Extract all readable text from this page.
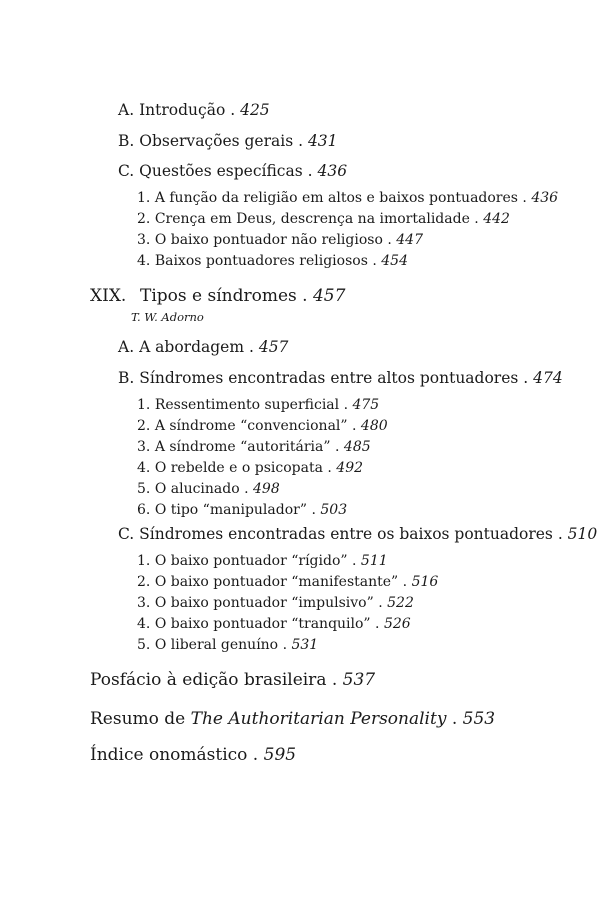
A. Introdução . 425
B. Observações gerais . 431
C. Questões específicas . 436
1. A função da religião em altos e baixos pontuadores . 436
2. Crença em Deus, descrença na imortalidade . 442
3. O baixo pontuador não religioso . 447
4. Baixos pontuadores religiosos . 454
XIX. Tipos e síndromes . 457
T. W. Adorno
A. A abordagem . 457
B. Síndromes encontradas entre altos pontuadores . 474
1. Ressentimento superficial . 475
2. A síndrome “convencional” . 480
3. A síndrome “autoritária” . 485
4. O rebelde e o psicopata . 492
5. O alucinado . 498
6. O tipo “manipulador” . 503
C. Síndromes encontradas entre os baixos pontuadores . 510
1. O baixo pontuador “rígido” . 511
2. O baixo pontuador “manifestante” . 516
3. O baixo pontuador “impulsivo” . 522
4. O baixo pontuador “tranquilo” . 526
5. O liberal genuíno . 531
Posfácio à edição brasileira . 537
Resumo de The Authoritarian Personality . 553
Índice onomástico . 595
